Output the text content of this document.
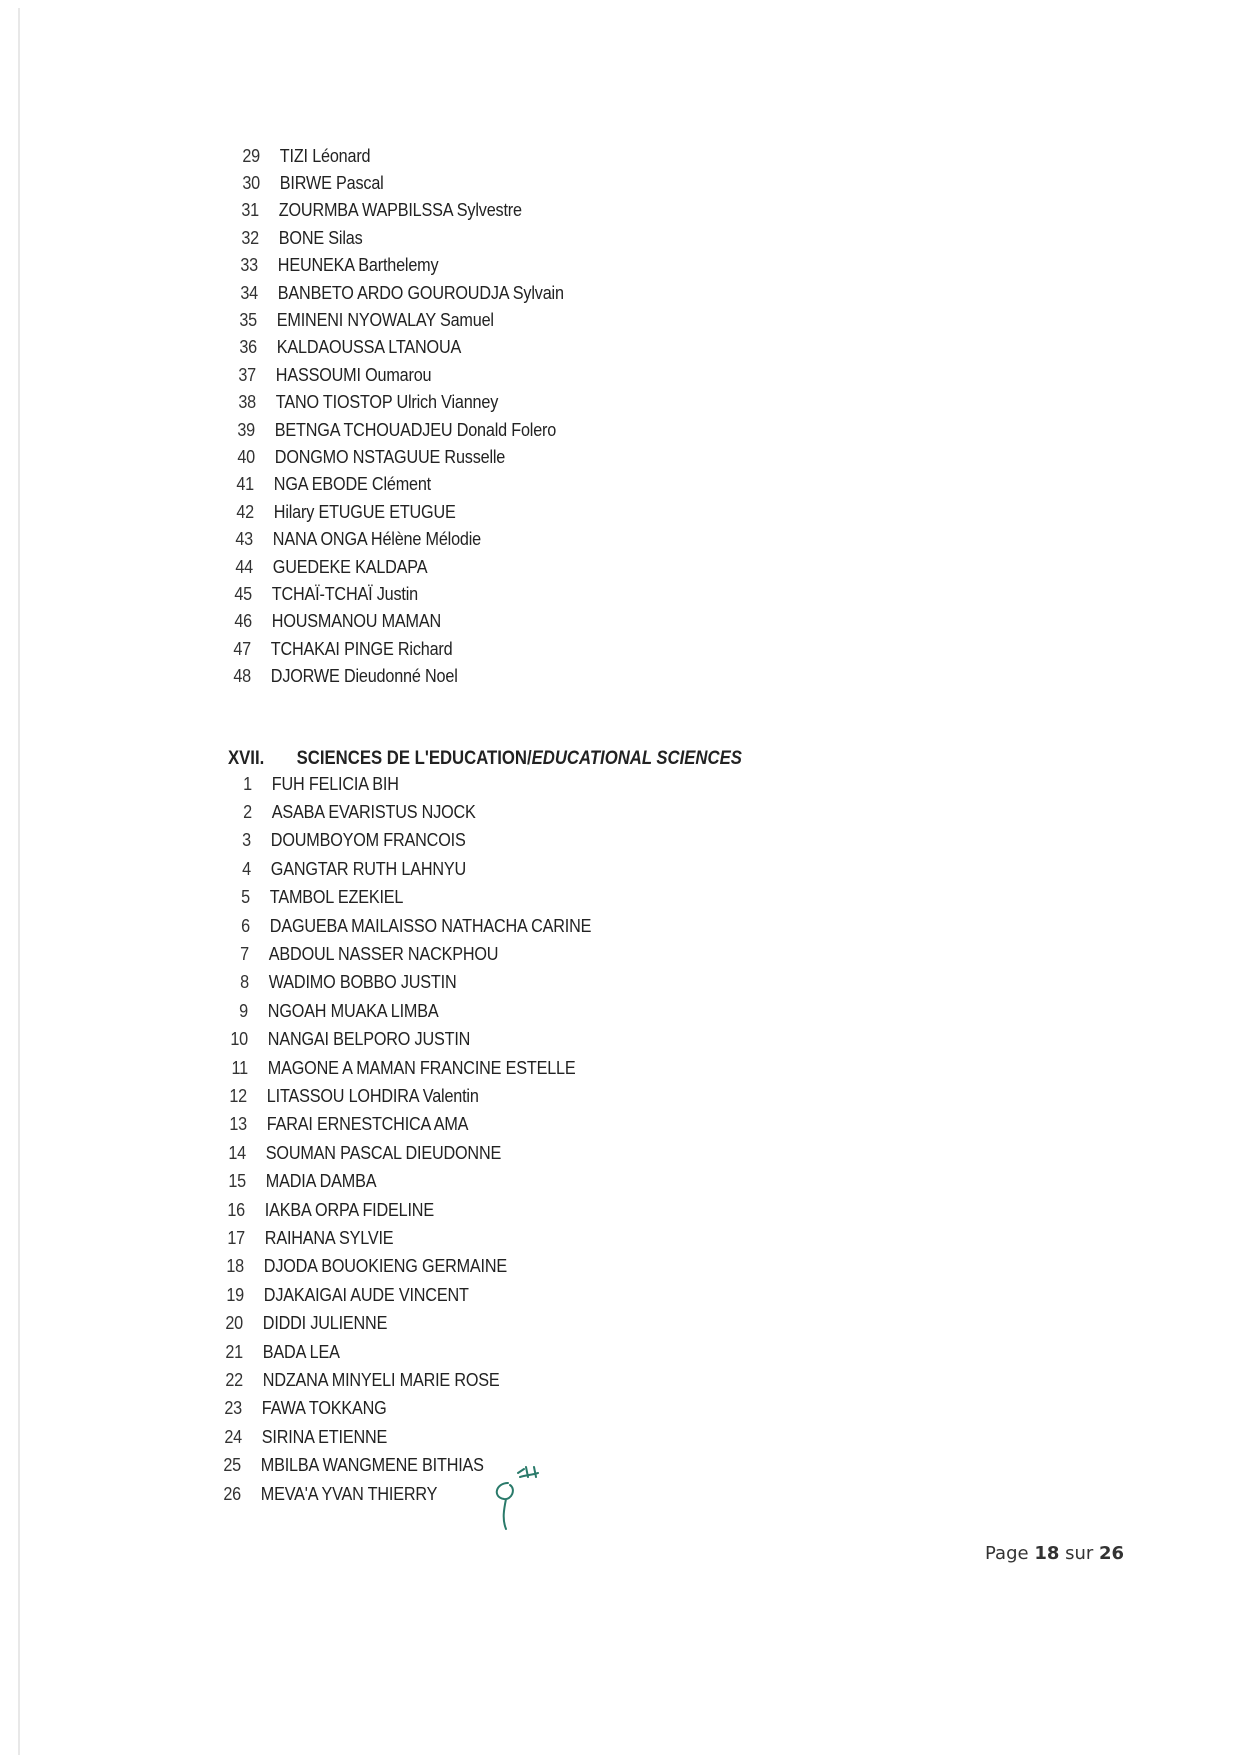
29 TIZI Léonard
30 BIRWE Pascal
31 ZOURMBA WAPBILSSA Sylvestre
32 BONE Silas
33 HEUNEKA Barthelemy
34 BANBETO ARDO GOUROUDJA Sylvain
35 EMINENI NYOWALAY Samuel
36 KALDAOUSSA LTANOUA
37 HASSOUMI Oumarou
38 TANO TIOSTOP Ulrich Vianney
39 BETNGA TCHOUADJEU Donald Folero
40 DONGMO NSTAGUUE Russelle
41 NGA EBODE Clément
42 Hilary ETUGUE ETUGUE
43 NANA ONGA Hélène Mélodie
44 GUEDEKE KALDAPA
45 TCHAÏ-TCHAÏ Justin
46 HOUSMANOU MAMAN
47 TCHAKAI PINGE Richard
48 DJORWE Dieudonné Noel
XVII.	SCIENCES DE L'EDUCATION/ EDUCATIONAL SCIENCES
1 FUH FELICIA BIH
2 ASABA EVARISTUS NJOCK
3 DOUMBOYOM FRANCOIS
4 GANGTAR RUTH LAHNYU
5 TAMBOL EZEKIEL
6 DAGUEBA MAILAISSO NATHACHA CARINE
7 ABDOUL NASSER NACKPHOU
8 WADIMO BOBBO JUSTIN
9 NGOAH MUAKA LIMBA
10 NANGAI BELPORO JUSTIN
11 MAGONE A MAMAN FRANCINE ESTELLE
12 LITASSOU LOHDIRA Valentin
13 FARAI ERNESTCHICA AMA
14 SOUMAN PASCAL DIEUDONNE
15 MADIA DAMBA
16 IAKBA ORPA FIDELINE
17 RAIHANA SYLVIE
18 DJODA BOUOKIENG GERMAINE
19 DJAKAIGAI AUDE VINCENT
20 DIDDI JULIENNE
21 BADA LEA
22 NDZANA MINYELI MARIE ROSE
23 FAWA TOKKANG
24 SIRINA ETIENNE
25 MBILBA WANGMENE BITHIAS
26 MEVA'A YVAN THIERRY
Page 18 sur 26
